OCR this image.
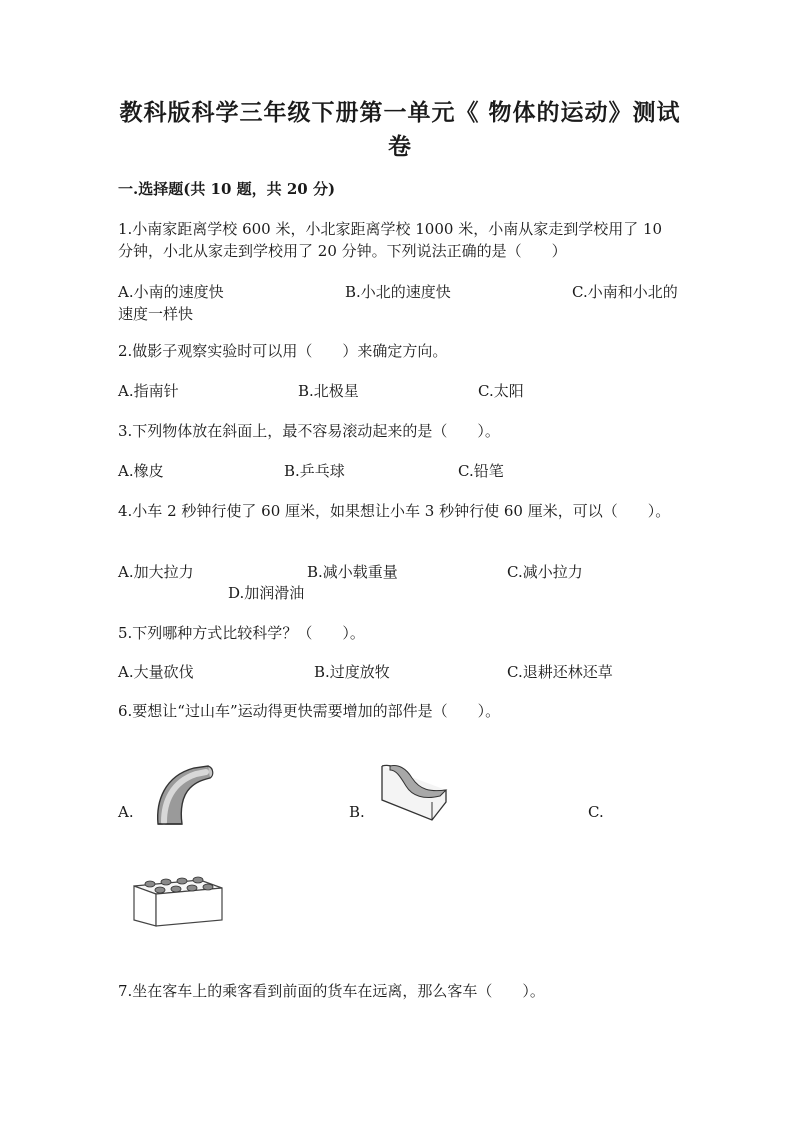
教科版科学三年级下册第一单元《 物体的运动》测试卷
一.选择题(共 10 题，共 20 分)

1.小南家距离学校 600 米，小北家距离学校 1000 米，小南从家走到学校用了 10 分钟，小北从家走到学校用了 20 分钟。下列说法正确的是（　　）

A.小南的速度快	B.小北的速度快	C.小南和小北的速度一样快

2.做影子观察实验时可以用（　　）来确定方向。

A.指南针	B.北极星	C.太阳

3.下列物体放在斜面上，最不容易滚动起来的是（　　）。

A.橡皮	B.乒乓球	C.铅笔

4.小车 2 秒钟行使了 60 厘米，如果想让小车 3 秒钟行使 60 厘米，可以（　　）。

A.加大拉力	B.减小载重量	C.减小拉力
D.加润滑油

5.下列哪种方式比较科学？（　　）。

A.大量砍伐	B.过度放牧	C.退耕还林还草

6.要想让“过山车”运动得更快需要增加的部件是（　　）。

A.	B.	C.

7.坐在客车上的乘客看到前面的货车在远离，那么客车（　　）。
